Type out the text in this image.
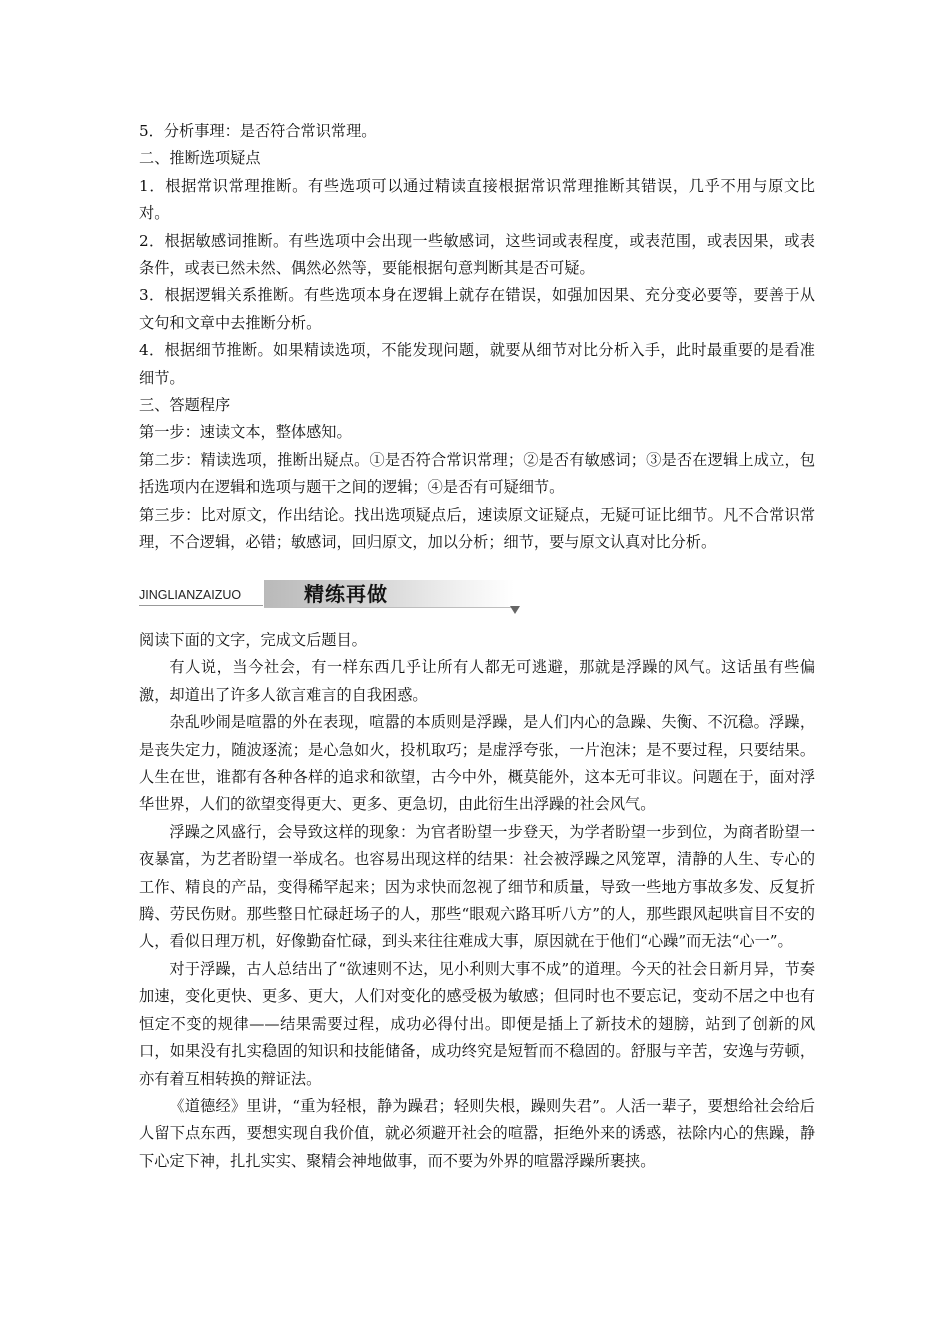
5．分析事理：是否符合常识常理。

二、推断选项疑点

1．根据常识常理推断。有些选项可以通过精读直接根据常识常理推断其错误，几乎不用与原文比对。

2．根据敏感词推断。有些选项中会出现一些敏感词，这些词或表程度，或表范围，或表因果，或表条件，或表已然未然、偶然必然等，要能根据句意判断其是否可疑。

3．根据逻辑关系推断。有些选项本身在逻辑上就存在错误，如强加因果、充分变必要等，要善于从文句和文章中去推断分析。

4．根据细节推断。如果精读选项，不能发现问题，就要从细节对比分析入手，此时最重要的是看准细节。

三、答题程序

第一步：速读文本，整体感知。

第二步：精读选项，推断出疑点。①是否符合常识常理；②是否有敏感词；③是否在逻辑上成立，包括选项内在逻辑和选项与题干之间的逻辑；④是否有可疑细节。

第三步：比对原文，作出结论。找出选项疑点后，速读原文证疑点，无疑可证比细节。凡不合常识常理，不合逻辑，必错；敏感词，回归原文，加以分析；细节，要与原文认真对比分析。

JINGLIANZAIZUO	精练再做

阅读下面的文字，完成文后题目。

有人说，当今社会，有一样东西几乎让所有人都无可逃避，那就是浮躁的风气。这话虽有些偏激，却道出了许多人欲言难言的自我困惑。

杂乱吵闹是喧嚣的外在表现，喧嚣的本质则是浮躁，是人们内心的急躁、失衡、不沉稳。浮躁，是丧失定力，随波逐流；是心急如火，投机取巧；是虚浮夸张，一片泡沫；是不要过程，只要结果。人生在世，谁都有各种各样的追求和欲望，古今中外，概莫能外，这本无可非议。问题在于，面对浮华世界，人们的欲望变得更大、更多、更急切，由此衍生出浮躁的社会风气。

浮躁之风盛行，会导致这样的现象：为官者盼望一步登天，为学者盼望一步到位，为商者盼望一夜暴富，为艺者盼望一举成名。也容易出现这样的结果：社会被浮躁之风笼罩，清静的人生、专心的工作、精良的产品，变得稀罕起来；因为求快而忽视了细节和质量，导致一些地方事故多发、反复折腾、劳民伤财。那些整日忙碌赶场子的人，那些“眼观六路耳听八方”的人，那些跟风起哄盲目不安的人，看似日理万机，好像勤奋忙碌，到头来往往难成大事，原因就在于他们“心躁”而无法“心一”。

对于浮躁，古人总结出了“欲速则不达，见小利则大事不成”的道理。今天的社会日新月异，节奏加速，变化更快、更多、更大，人们对变化的感受极为敏感；但同时也不要忘记，变动不居之中也有恒定不变的规律——结果需要过程，成功必得付出。即便是插上了新技术的翅膀，站到了创新的风口，如果没有扎实稳固的知识和技能储备，成功终究是短暂而不稳固的。舒服与辛苦，安逸与劳顿，亦有着互相转换的辩证法。

《道德经》里讲，“重为轻根，静为躁君；轻则失根，躁则失君”。人活一辈子，要想给社会给后人留下点东西，要想实现自我价值，就必须避开社会的喧嚣，拒绝外来的诱惑，祛除内心的焦躁，静下心定下神，扎扎实实、聚精会神地做事，而不要为外界的喧嚣浮躁所裹挟。
